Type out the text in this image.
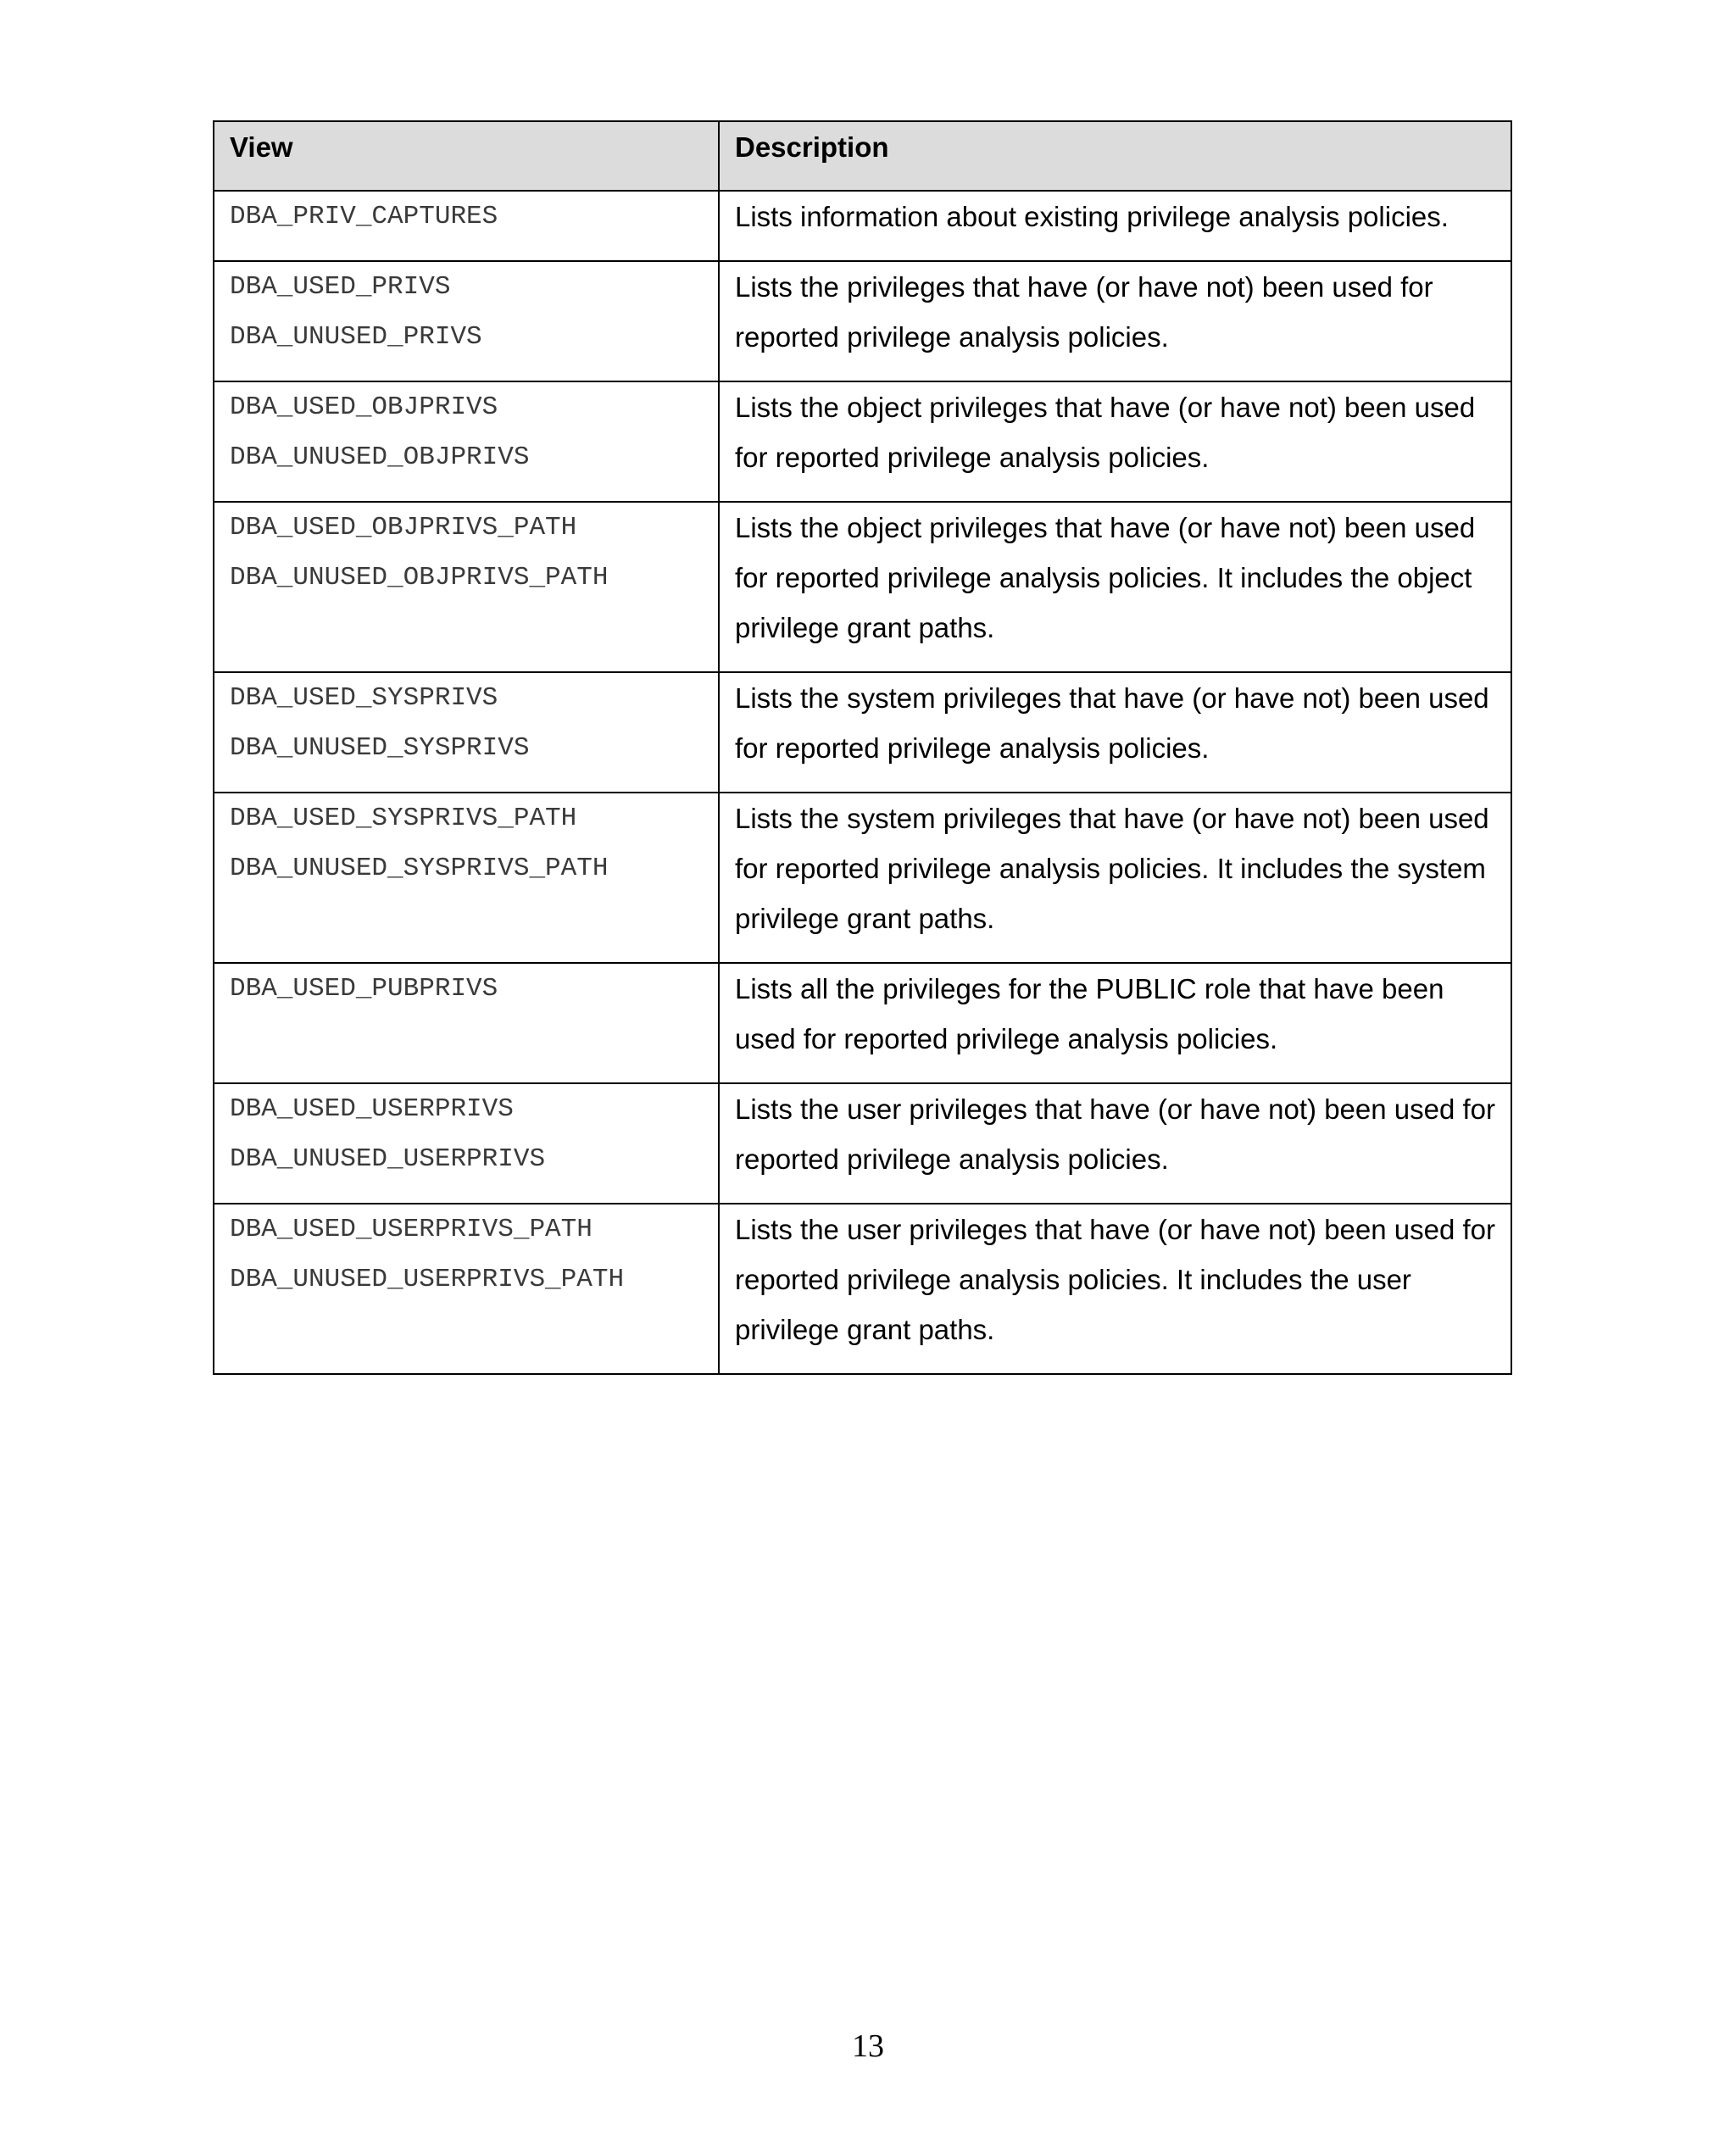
View	Description

DBA_PRIV_CAPTURES	Lists information about existing privilege analysis policies.

DBA_USED_PRIVS
DBA_UNUSED_PRIVS	Lists the privileges that have (or have not) been used for reported privilege analysis policies.

DBA_USED_OBJPRIVS
DBA_UNUSED_OBJPRIVS	Lists the object privileges that have (or have not) been used for reported privilege analysis policies.

DBA_USED_OBJPRIVS_PATH
DBA_UNUSED_OBJPRIVS_PATH	Lists the object privileges that have (or have not) been used for reported privilege analysis policies. It includes the object privilege grant paths.

DBA_USED_SYSPRIVS
DBA_UNUSED_SYSPRIVS	Lists the system privileges that have (or have not) been used for reported privilege analysis policies.

DBA_USED_SYSPRIVS_PATH
DBA_UNUSED_SYSPRIVS_PATH	Lists the system privileges that have (or have not) been used for reported privilege analysis policies. It includes the system privilege grant paths.

DBA_USED_PUBPRIVS	Lists all the privileges for the PUBLIC role that have been used for reported privilege analysis policies.

DBA_USED_USERPRIVS
DBA_UNUSED_USERPRIVS	Lists the user privileges that have (or have not) been used for reported privilege analysis policies.

DBA_USED_USERPRIVS_PATH
DBA_UNUSED_USERPRIVS_PATH	Lists the user privileges that have (or have not) been used for reported privilege analysis policies. It includes the user privilege grant paths.
13
